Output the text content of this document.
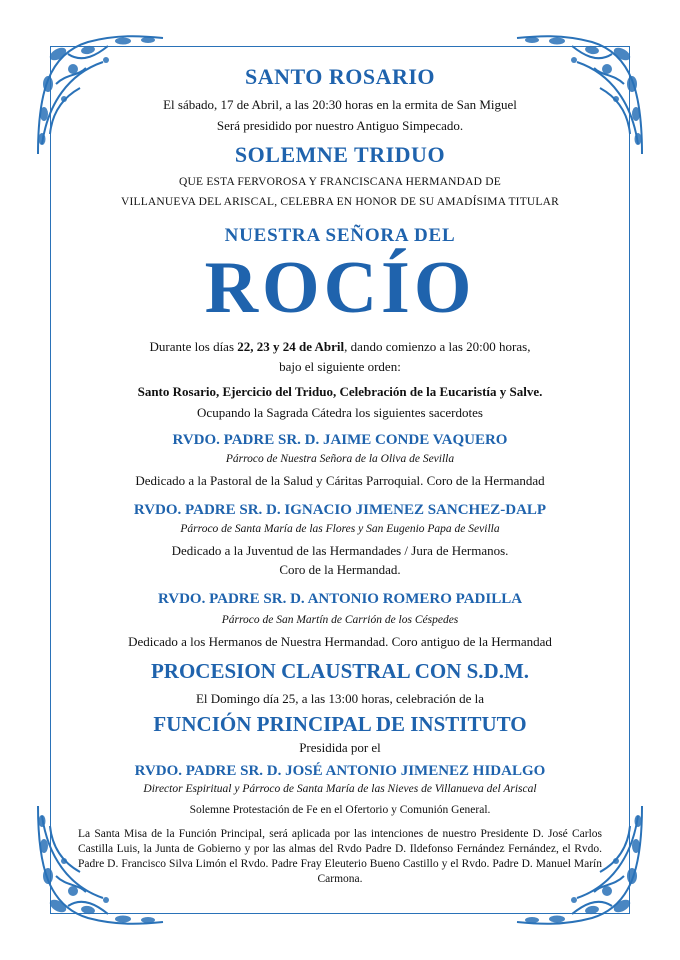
SANTO ROSARIO

El sábado, 17 de Abril, a las 20:30 horas en la ermita de San Miguel

Será presidido por nuestro Antiguo Simpecado.

SOLEMNE TRIDUO

QUE ESTA FERVOROSA Y FRANCISCANA HERMANDAD DE

VILLANUEVA DEL ARISCAL, CELEBRA EN HONOR DE SU AMADÍSIMA TITULAR

NUESTRA SEÑORA DEL

ROCÍO

Durante los días 22, 23 y 24 de Abril, dando comienzo a las 20:00 horas,

bajo el siguiente orden:

Santo Rosario, Ejercicio del Triduo, Celebración de la Eucaristía y Salve.

Ocupando la Sagrada Cátedra los siguientes sacerdotes

RVDO. PADRE SR. D. JAIME CONDE VAQUERO

Párroco de Nuestra Señora de la Oliva de Sevilla

Dedicado a la Pastoral de la Salud y Cáritas Parroquial. Coro de la Hermandad

RVDO. PADRE SR. D. IGNACIO JIMENEZ SANCHEZ-DALP

Párroco de Santa María de las Flores y San Eugenio Papa de Sevilla

Dedicado a la Juventud de las Hermandades / Jura de Hermanos.

Coro de la Hermandad.

RVDO. PADRE SR. D. ANTONIO ROMERO PADILLA

Párroco de San Martín de Carrión de los Céspedes

Dedicado a los Hermanos de Nuestra Hermandad. Coro antiguo de la Hermandad

PROCESION CLAUSTRAL CON S.D.M.

El Domingo día 25, a las 13:00 horas, celebración de la

FUNCIÓN PRINCIPAL DE INSTITUTO

Presidida por el

RVDO. PADRE SR. D. JOSÉ ANTONIO JIMENEZ HIDALGO

Director Espiritual y Párroco de Santa María de las Nieves de Villanueva del Ariscal

Solemne Protestación de Fe en el Ofertorio y Comunión General.

La Santa Misa de la Función Principal, será aplicada por las intenciones de nuestro Presidente D. José Carlos Castilla Luis, la Junta de Gobierno y por las almas del Rvdo Padre D. Ildefonso Fernández Fernández, el Rvdo. Padre D. Francisco Silva Limón el Rvdo. Padre Fray Eleuterio Bueno Castillo y el Rvdo. Padre D. Manuel Marín Carmona.
